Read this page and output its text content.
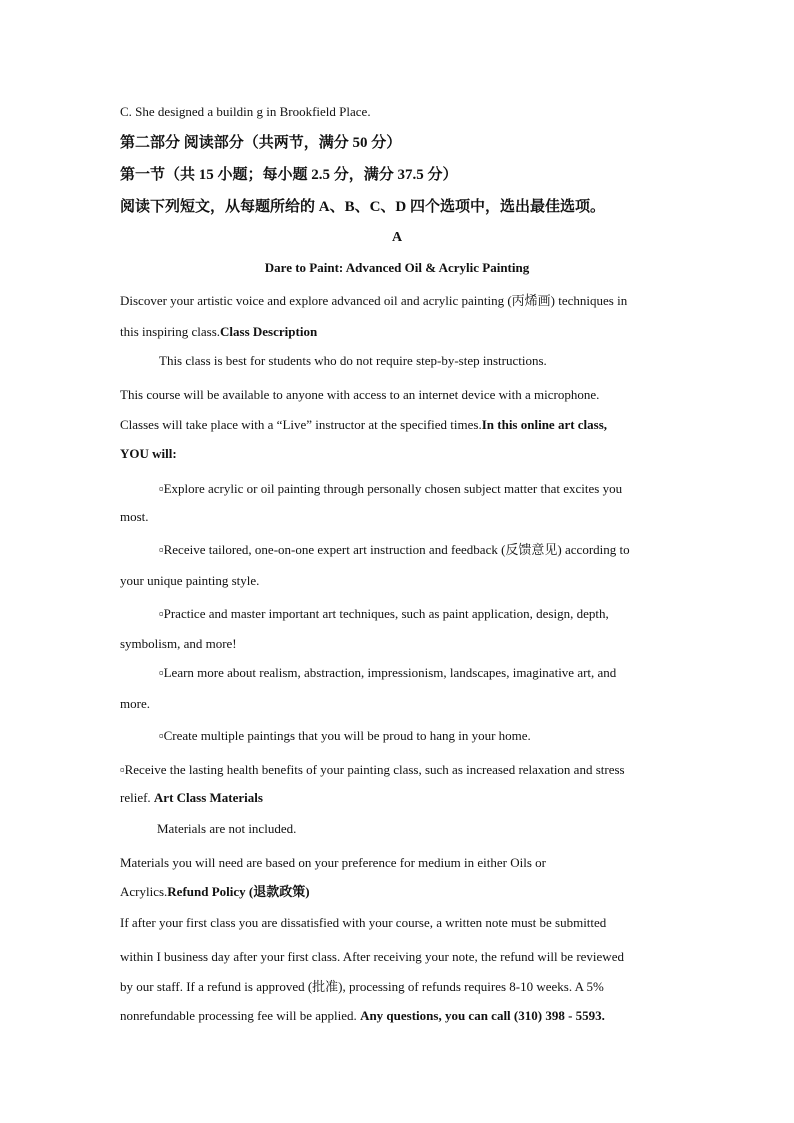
C. She designed a buildin g in Brookfield Place.
第二部分 阅读部分（共两节，满分 50 分）
第一节（共 15 小题；每小题 2.5 分，满分 37.5 分）
阅读下列短文，从每题所给的 A、B、C、D 四个选项中，选出最佳选项。
A
Dare to Paint: Advanced Oil & Acrylic Painting
Discover your artistic voice and explore advanced oil and acrylic painting (丙烯画) techniques in
this inspiring class.Class Description
This class is best for students who do not require step-by-step instructions.
This course will be available to anyone with access to an internet device with a microphone.
Classes will take place with a “Live” instructor at the specified times.In this online art class,
YOU will:
▫Explore acrylic or oil painting through personally chosen subject matter that excites you
most.
▫Receive tailored, one-on-one expert art instruction and feedback (反馈意见) according to
your unique painting style.
▫Practice and master important art techniques, such as paint application, design, depth,
symbolism, and more!
▫Learn more about realism, abstraction, impressionism, landscapes, imaginative art, and
more.
▫Create multiple paintings that you will be proud to hang in your home.
▫Receive the lasting health benefits of your painting class, such as increased relaxation and stress
relief. Art Class Materials
Materials are not included.
Materials you will need are based on your preference for medium in either Oils or
Acrylics.Refund Policy (退款政策)
If after your first class you are dissatisfied with your course, a written note must be submitted
within I business day after your first class. After receiving your note, the refund will be reviewed
by our staff. If a refund is approved (批准), processing of refunds requires 8-10 weeks. A 5%
nonrefundable processing fee will be applied. Any questions, you can call (310) 398 - 5593.
